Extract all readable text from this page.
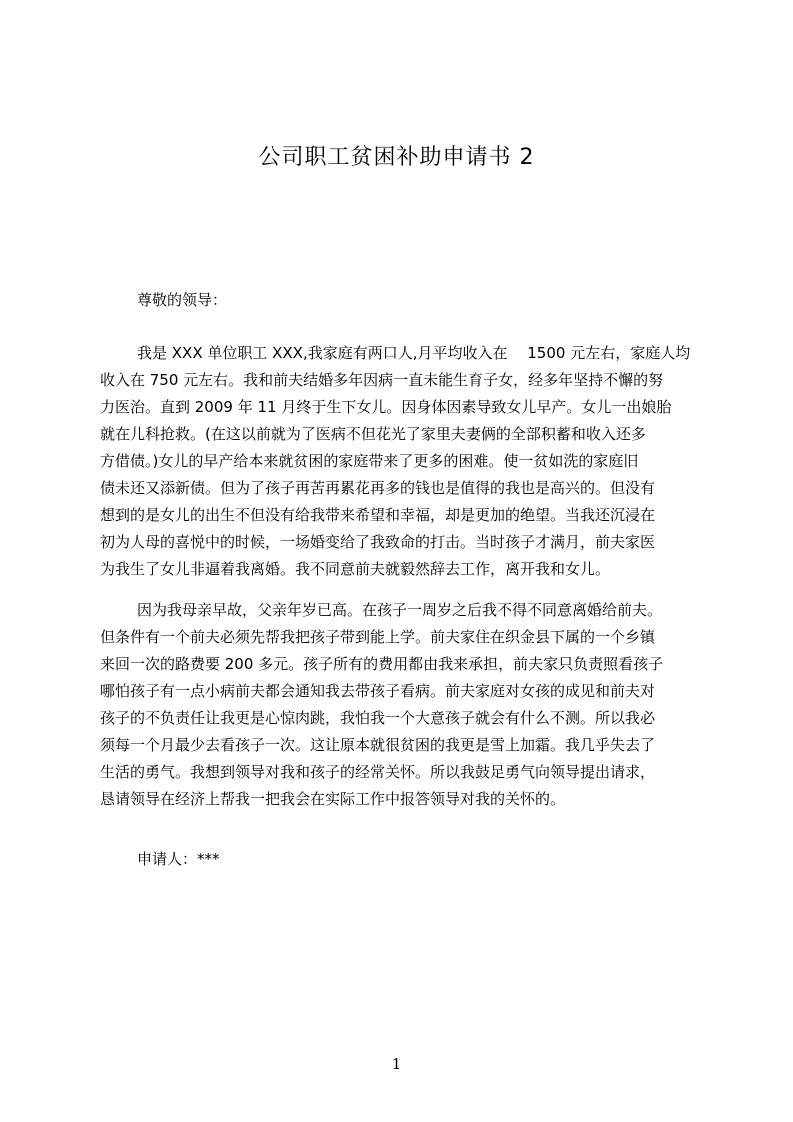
公司职工贫困补助申请书 2
尊敬的领导：
我是 XXX 单位职工 XXX,我家庭有两口人,月平均收入在　 1500 元左右，家庭人均
收入在 750 元左右。我和前夫结婚多年因病一直未能生育子女，经多年坚持不懈的努
力医治。直到 2009 年 11 月终于生下女儿。因身体因素导致女儿早产。女儿一出娘胎
就在儿科抢救。(在这以前就为了医病不但花光了家里夫妻俩的全部积蓄和收入还多
方借债。)女儿的早产给本来就贫困的家庭带来了更多的困难。使一贫如洗的家庭旧
债未还又添新债。但为了孩子再苦再累花再多的钱也是值得的我也是高兴的。但没有
想到的是女儿的出生不但没有给我带来希望和幸福，却是更加的绝望。当我还沉浸在
初为人母的喜悦中的时候，一场婚变给了我致命的打击。当时孩子才满月，前夫家医
为我生了女儿非逼着我离婚。我不同意前夫就毅然辞去工作，离开我和女儿。
因为我母亲早故，父亲年岁已高。在孩子一周岁之后我不得不同意离婚给前夫。
但条件有一个前夫必须先帮我把孩子带到能上学。前夫家住在织金县下属的一个乡镇
来回一次的路费要 200 多元。孩子所有的费用都由我来承担，前夫家只负责照看孩子
哪怕孩子有一点小病前夫都会通知我去带孩子看病。前夫家庭对女孩的成见和前夫对
孩子的不负责任让我更是心惊肉跳，我怕我一个大意孩子就会有什么不测。所以我必
须每一个月最少去看孩子一次。这让原本就很贫困的我更是雪上加霜。我几乎失去了
生活的勇气。我想到领导对我和孩子的经常关怀。所以我鼓足勇气向领导提出请求，
恳请领导在经济上帮我一把我会在实际工作中报答领导对我的关怀的。
申请人：***
1
